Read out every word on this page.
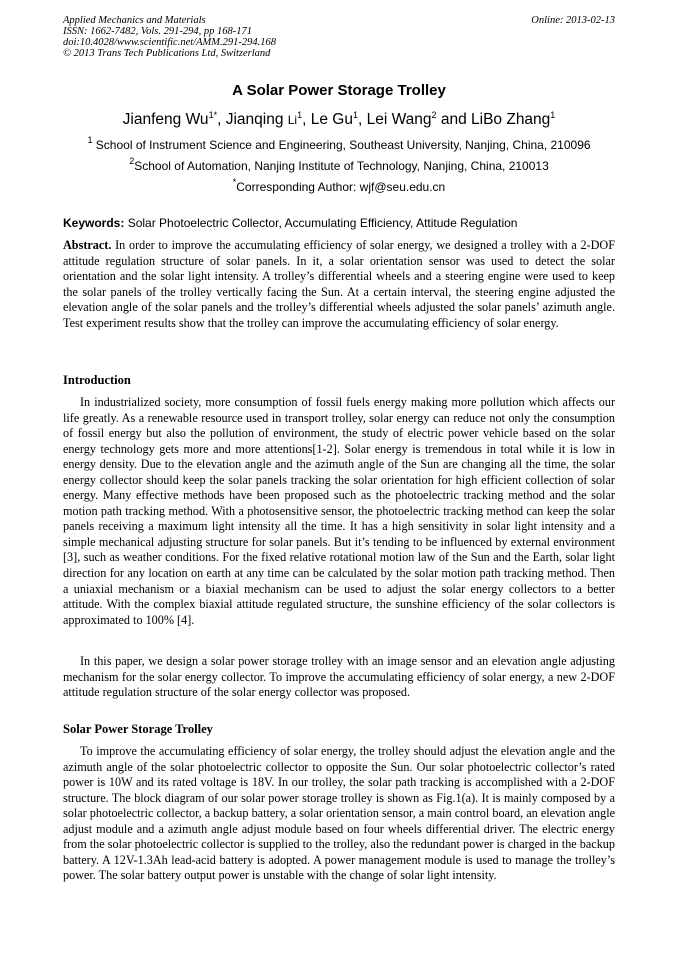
Applied Mechanics and Materials
ISSN: 1662-7482, Vols. 291-294, pp 168-171
doi:10.4028/www.scientific.net/AMM.291-294.168
© 2013 Trans Tech Publications Ltd, Switzerland
Online: 2013-02-13
A Solar Power Storage Trolley
Jianfeng $Wu^{1*}$, Jianqing Li$^1$, Le Gu$^1$, Lei Wang$^2$ and LiBo Zhang$^1$
$^1$ School of Instrument Science and Engineering, Southeast University, Nanjing, China, 210096
$^2$School of Automation, Nanjing Institute of Technology, Nanjing, China, 210013
*Corresponding Author: wjf@seu.edu.cn
Keywords: Solar Photoelectric Collector, Accumulating Efficiency, Attitude Regulation

Abstract. In order to improve the accumulating efficiency of solar energy, we designed a trolley with a 2-DOF attitude regulation structure of solar panels. In it, a solar orientation sensor was used to detect the solar orientation and the solar light intensity. A trolley’s differential wheels and a steering engine were used to keep the solar panels of the trolley vertically facing the Sun. At a certain interval, the steering engine adjusted the elevation angle of the solar panels and the trolley’s differential wheels adjusted the solar panels’ azimuth angle. Test experiment results show that the trolley can improve the accumulating efficiency of solar energy.

Introduction

In industrialized society, more consumption of fossil fuels energy making more pollution which affects our life greatly. As a renewable resource used in transport trolley, solar energy can reduce not only the consumption of fossil energy but also the pollution of environment, the study of electric power vehicle based on the solar energy technology gets more and more attentions[1-2]. Solar energy is tremendous in total while it is low in energy density. Due to the elevation angle and the azimuth angle of the Sun are changing all the time, the solar energy collector should keep the solar panels tracking the solar orientation for high efficient collection of solar energy. Many effective methods have been proposed such as the photoelectric tracking method and the solar motion path tracking method. With a photosensitive sensor, the photoelectric tracking method can keep the solar panels receiving a maximum light intensity all the time. It has a high sensitivity in solar light intensity and a simple mechanical adjusting structure for solar panels. But it’s tending to be influenced by external environment [3], such as weather conditions. For the fixed relative rotational motion law of the Sun and the Earth, solar light direction for any location on earth at any time can be calculated by the solar motion path tracking method. Then a uniaxial mechanism or a biaxial mechanism can be used to adjust the solar energy collectors to a better attitude. With the complex biaxial attitude regulated structure, the sunshine efficiency of the solar collectors is approximated to 100% [4].

In this paper, we design a solar power storage trolley with an image sensor and an elevation angle adjusting mechanism for the solar energy collector. To improve the accumulating efficiency of solar energy, a new 2-DOF attitude regulation structure of the solar energy collector was proposed.

Solar Power Storage Trolley

To improve the accumulating efficiency of solar energy, the trolley should adjust the elevation angle and the azimuth angle of the solar photoelectric collector to opposite the Sun. Our solar photoelectric collector’s rated power is 10W and its rated voltage is 18V. In our trolley, the solar path tracking is accomplished with a 2-DOF structure. The block diagram of our solar power storage trolley is shown as Fig.1(a). It is mainly composed by a solar photoelectric collector, a backup battery, a solar orientation sensor, a main control board, an elevation angle adjust module and a azimuth angle adjust module based on four wheels differential driver. The electric energy from the solar photoelectric collector is supplied to the trolley, also the redundant power is charged in the backup battery. A 12V-1.3Ah lead-acid battery is adopted. A power management module is used to manage the trolley’s power. The solar battery output power is unstable with the change of solar light intensity.
